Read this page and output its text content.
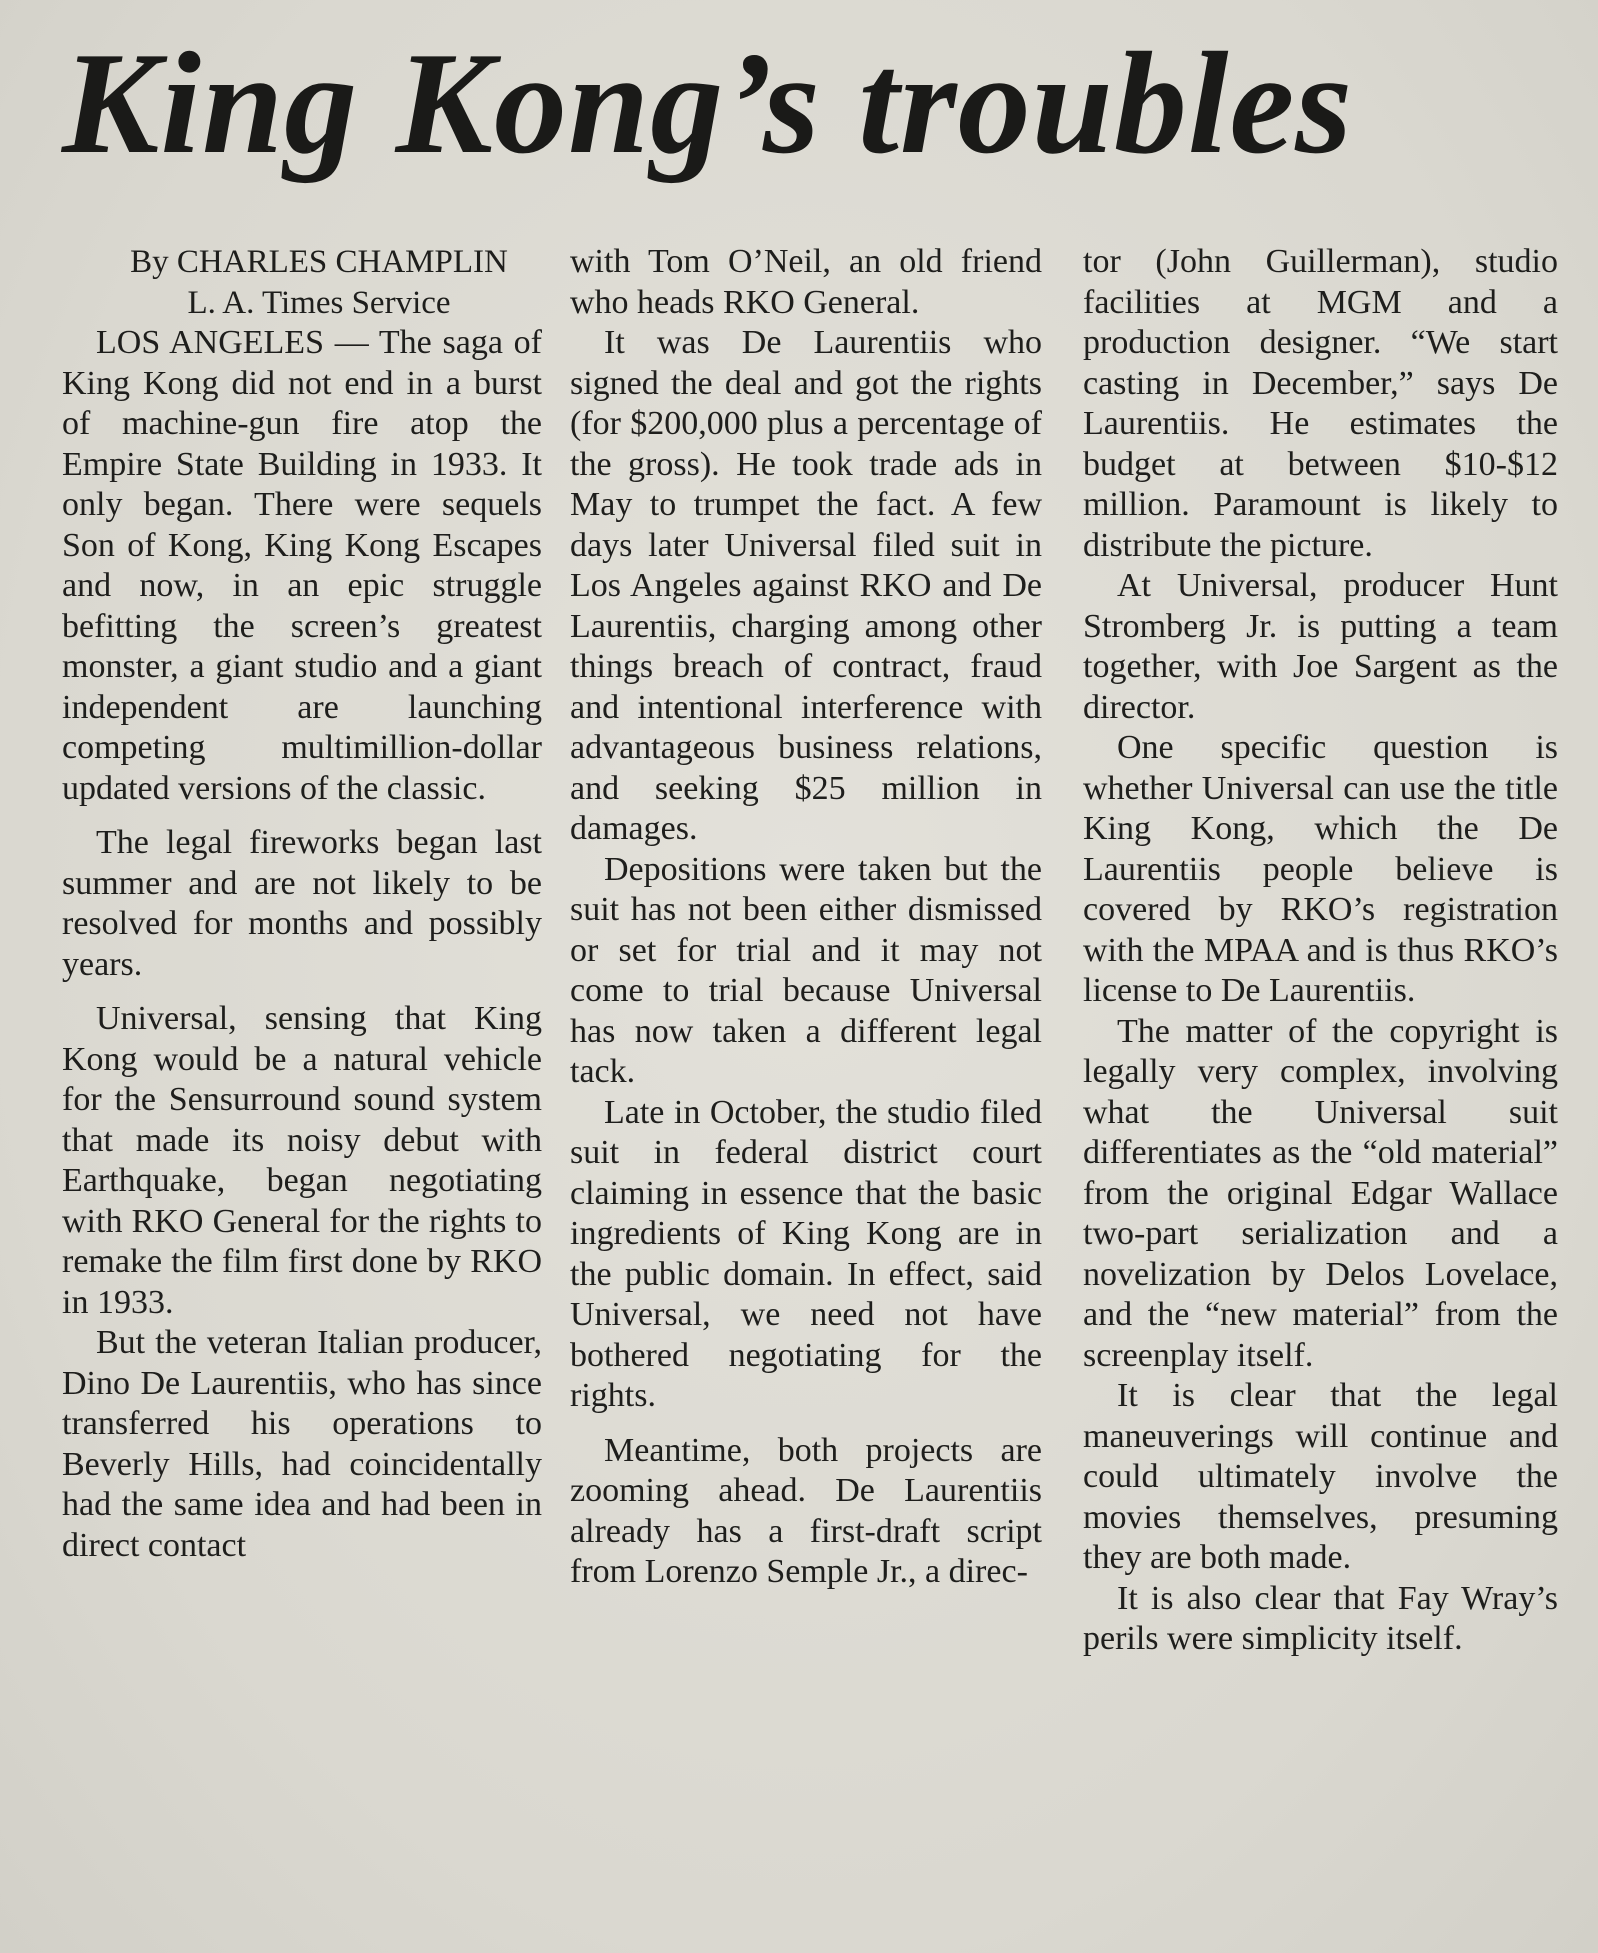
King Kong’s troubles

By CHARLES CHAMPLIN

L. A. Times Service

LOS ANGELES — The saga of King Kong did not end in a burst of machine-gun fire atop the Empire State Building in 1933. It only began. There were sequels Son of Kong, King Kong Escapes and now, in an epic struggle befitting the screen’s greatest monster, a giant studio and a giant independent are launching competing multimillion-dollar updated versions of the classic.

The legal fireworks began last summer and are not likely to be resolved for months and possibly years.

Universal, sensing that King Kong would be a natural vehicle for the Sensurround sound system that made its noisy debut with Earthquake, began negotiating with RKO General for the rights to remake the film first done by RKO in 1933.

But the veteran Italian producer, Dino De Laurentiis, who has since transferred his operations to Beverly Hills, had coincidentally had the same idea and had been in direct contact

with Tom O’Neil, an old friend who heads RKO General.

It was De Laurentiis who signed the deal and got the rights (for $200,000 plus a percentage of the gross). He took trade ads in May to trumpet the fact. A few days later Universal filed suit in Los Angeles against RKO and De Laurentiis, charging among other things breach of contract, fraud and intentional interference with advantageous business relations, and seeking $25 million in damages.

Depositions were taken but the suit has not been either dismissed or set for trial and it may not come to trial because Universal has now taken a different legal tack.

Late in October, the studio filed suit in federal district court claiming in essence that the basic ingredients of King Kong are in the public domain. In effect, said Universal, we need not have bothered negotiating for the rights.

Meantime, both projects are zooming ahead. De Laurentiis already has a first-draft script from Lorenzo Semple Jr., a direc-

tor (John Guillerman), studio facilities at MGM and a production designer. “We start casting in December,” says De Laurentiis. He estimates the budget at between $10-$12 million. Paramount is likely to distribute the picture.

At Universal, producer Hunt Stromberg Jr. is putting a team together, with Joe Sargent as the director.

One specific question is whether Universal can use the title King Kong, which the De Laurentiis people believe is covered by RKO’s registration with the MPAA and is thus RKO’s license to De Laurentiis.

The matter of the copyright is legally very complex, involving what the Universal suit differentiates as the “old material” from the original Edgar Wallace two-part serialization and a novelization by Delos Lovelace, and the “new material” from the screenplay itself.

It is clear that the legal maneuverings will continue and could ultimately involve the movies themselves, presuming they are both made.

It is also clear that Fay Wray’s perils were simplicity itself.
